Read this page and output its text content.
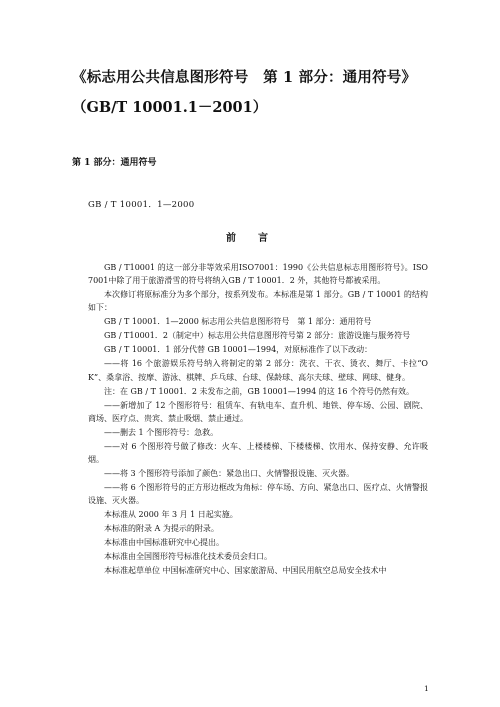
《标志用公共信息图形符号　第 1 部分：通用符号》
（GB/T 10001.1－2001）
第 1 部分：通用符号
GB / T 10001．1—2000
前　言

GB / T10001 的这一部分非等效采用ISO7001：1990《公共信息标志用图形符号》。ISO 7001中除了用于旅游滑雪的符号将纳入GB / T 10001．2 外，其他符号都被采用。

本次修订将原标准分为多个部分，按系列发布。本标准是第 1 部分。GB / T 10001 的结构如下：

GB / T 10001．1—2000 标志用公共信息图形符号　第 1 部分：通用符号

GB / T10001．2（制定中）标志用公共信息图形符号第 2 部分：旅游设施与服务符号

GB / T 10001．1 部分代替 GB 10001—1994，对原标准作了以下改动：

——将 16 个旅游娱乐符号纳入将制定的第 2 部分：洗衣、干衣、烫衣、舞厅、卡拉“OK”、桑拿浴、按摩、游泳、棋牌、乒乓球、台球、保龄球、高尔夫球、壁球、网球、健身。

注：在 GB / T 10001．2 未发布之前，GB 10001—1994 的这 16 个符号仍然有效。

——新增加了 12 个图形符号：租赁车、有轨电车、直升机、地铁、停车场、公园、剧院、商场、医疗点、贵宾、禁止吸烟、禁止通过。

——删去 1 个图形符号：急救。

——对 6 个图形符号做了修改：火车、上楼楼梯、下楼楼梯、饮用水、保持安静、允许吸烟。

——将 3 个图形符号添加了颜色：紧急出口、火情警报设施、灭火器。

——将 6 个图形符号的正方形边框改为角标：停车场、方向、紧急出口、医疗点、火情警报设施、灭火器。

本标准从 2000 年 3 月 1 日起实施。

本标准的附录 A 为提示的附录。

本标准由中国标准研究中心提出。

本标准由全国图形符号标准化技术委员会归口。

本标准起草单位 中国标准研究中心、国家旅游局、中国民用航空总局安全技术中

1
